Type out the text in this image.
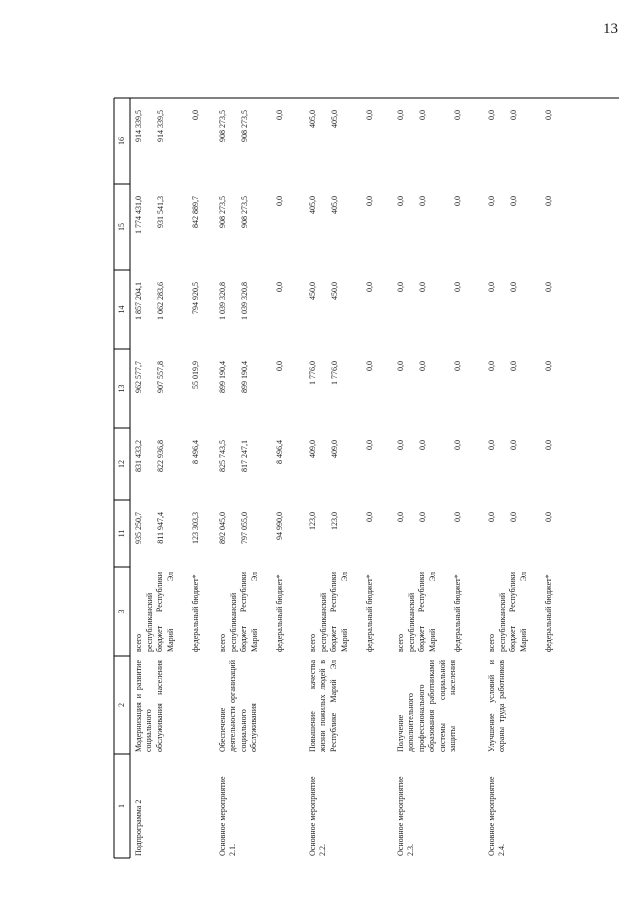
13
1
2
3
11
12
13
14
15
16
Подпрограмма 2
Модернизация и развитие социального обслуживания населения
всего
935 250,7
831 433,2
962 577,7
1 857 204,1
1 774 431,0
914 339,5
республиканский бюджет Республики Марий Эл
811 947,4
822 936,8
907 557,8
1 062 283,6
931 541,3
914 339,5
федеральный бюджет*
123 303,3
8 496,4
55 019,9
794 920,5
842 889,7
0,0
Основное мероприятие 2.1.
Обеспечение деятельности организаций социального обслуживания
всего
892 045,0
825 743,5
899 190,4
1 039 320,8
908 273,5
908 273,5
республиканский бюджет Республики Марий Эл
797 055,0
817 247,1
899 190,4
1 039 320,8
908 273,5
908 273,5
федеральный бюджет*
94 990,0
8 496,4
0,0
0,0
0,0
0,0
Основное мероприятие 2.2.
Повышение качества жизни пожилых людей в Республике Марий Эл
всего
123,0
409,0
1 776,0
450,0
405,0
405,0
республиканский бюджет Республики Марий Эл
123,0
409,0
1 776,0
450,0
405,0
405,0
федеральный бюджет*
0,0
0,0
0,0
0,0
0,0
0,0
Основное мероприятие 2.3.
Получение дополнительного профессионального образования работниками системы социальной защиты населения
всего
0,0
0,0
0,0
0,0
0,0
0,0
республиканский бюджет Республики Марий Эл
0,0
0,0
0,0
0,0
0,0
0,0
федеральный бюджет*
0,0
0,0
0,0
0,0
0,0
0,0
Основное мероприятие 2.4.
Улучшение условий и охраны труда работников
всего
0,0
0,0
0,0
0,0
0,0
0,0
республиканский бюджет Республики Марий Эл
0,0
0,0
0,0
0,0
0,0
0,0
федеральный бюджет*
0,0
0,0
0,0
0,0
0,0
0,0
